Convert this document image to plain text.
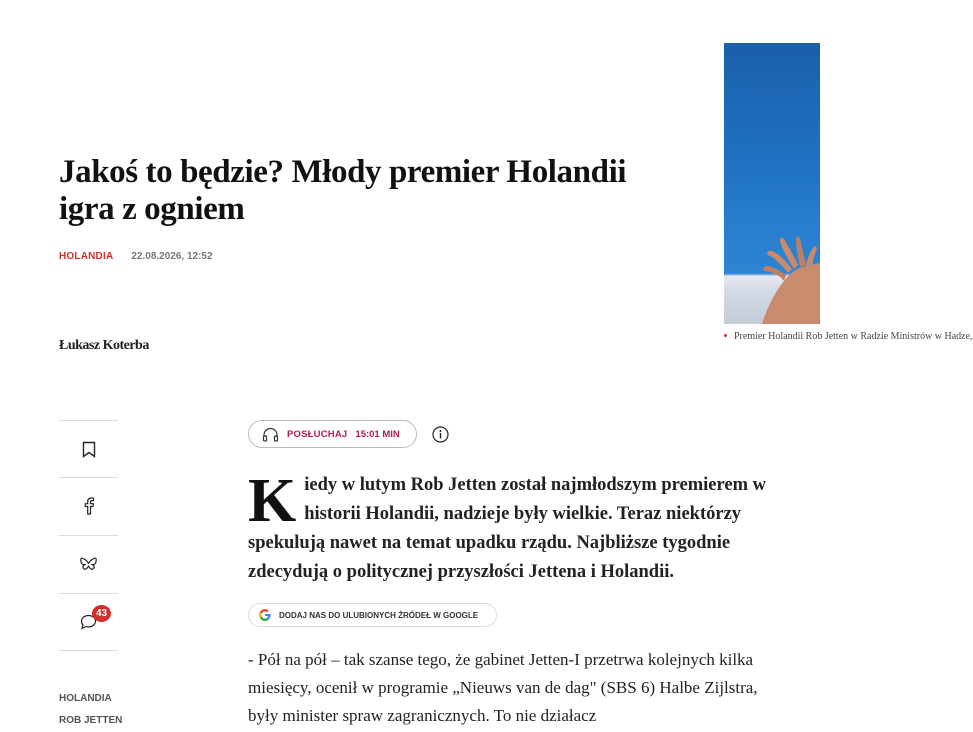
Jakoś to będzie? Młody premier Holandii igra z ogniem
HOLANDIA 22.08.2026, 12:52
Łukasz Koterba
Premier Holandii Rob Jetten w Radzie Ministrów w Hadze,
43
HOLANDIA
ROB JETTEN
POSŁUCHAJ 15:01 MIN

Kiedy w lutym Rob Jetten został najmłodszym premierem w historii Holandii, nadzieje były wielkie. Teraz niektórzy spekulują nawet na temat upadku rządu. Najbliższe tygodnie zdecydują o politycznej przyszłości Jettena i Holandii.

DODAJ NAS DO ULUBIONYCH ŹRÓDEŁ W GOOGLE

- Pół na pół – tak szanse tego, że gabinet Jetten-I przetrwa kolejnych kilka miesięcy, ocenił w programie „Nieuws van de dag" (SBS 6) Halbe Zijlstra, były minister spraw zagranicznych. To nie działacz
